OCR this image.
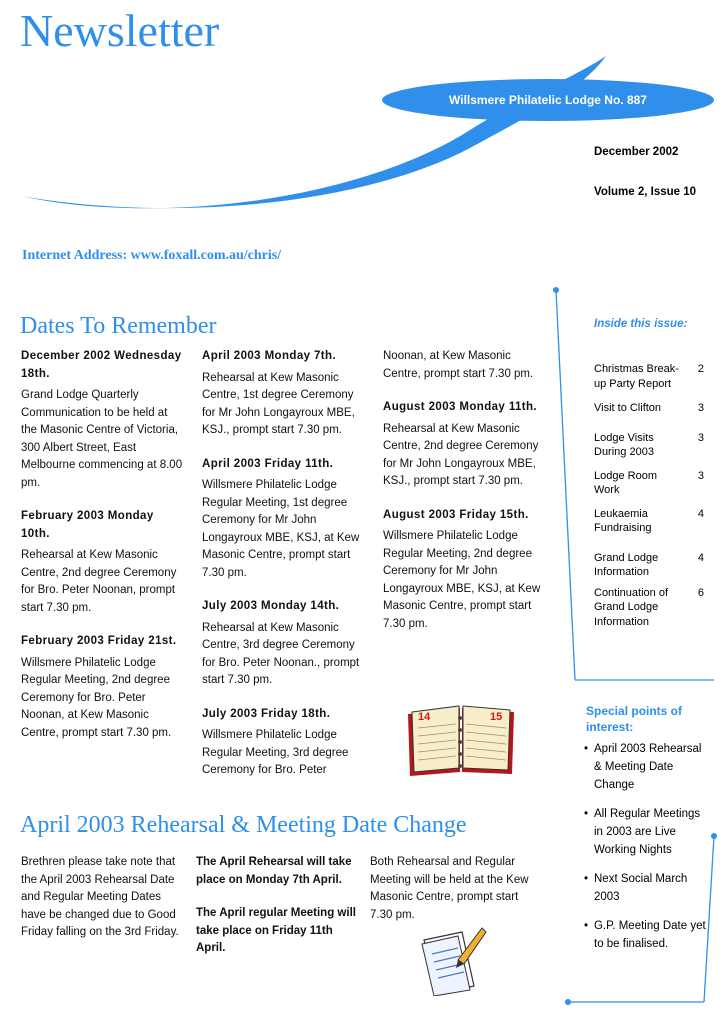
Newsletter
Willsmere Philatelic Lodge No. 887
December 2002
Volume 2, Issue 10
Internet Address: www.foxall.com.au/chris/
Dates To Remember
December 2002 Wednesday 18th.

Grand Lodge Quarterly Communication to be held at the Masonic Centre of Victoria, 300 Albert Street, East Melbourne commencing at 8.00 pm.

February 2003 Monday 10th.

Rehearsal at Kew Masonic Centre, 2nd degree Ceremony for Bro. Peter Noonan, prompt start 7.30 pm.

February 2003 Friday 21st.

Willsmere Philatelic Lodge Regular Meeting, 2nd degree Ceremony for Bro. Peter Noonan, at Kew Masonic Centre, prompt start 7.30 pm.

April 2003 Monday 7th.

Rehearsal at Kew Masonic Centre, 1st degree Ceremony for Mr John Longayroux MBE, KSJ., prompt start 7.30 pm.

April 2003 Friday 11th.

Willsmere Philatelic Lodge Regular Meeting, 1st degree Ceremony for Mr John Longayroux MBE, KSJ, at Kew Masonic Centre, prompt start 7.30 pm.

July 2003 Monday 14th.

Rehearsal at Kew Masonic Centre, 3rd degree Ceremony for Bro. Peter Noonan., prompt start 7.30 pm.

July 2003 Friday 18th.

Willsmere Philatelic Lodge Regular Meeting, 3rd degree Ceremony for Bro. Peter

Noonan, at Kew Masonic Centre, prompt start 7.30 pm.

August 2003 Monday 11th.

Rehearsal at Kew Masonic Centre, 2nd degree Ceremony for Mr John Longayroux MBE, KSJ., prompt start 7.30 pm.

August 2003 Friday 15th.

Willsmere Philatelic Lodge Regular Meeting, 2nd degree Ceremony for Mr John Longayroux MBE, KSJ, at Kew Masonic Centre, prompt start 7.30 pm.

14	15
April 2003 Rehearsal & Meeting Date Change

Brethren please take note that the April 2003 Rehearsal Date and Regular Meeting Dates have be changed due to Good Friday falling on the 3rd Friday.

The April Rehearsal will take place on Monday 7th April.

The April regular Meeting will take place on Friday 11th April.

Both Rehearsal and Regular Meeting will be held at the Kew Masonic Centre, prompt start 7.30 pm.

Inside this issue:
Christmas Break-up Party Report
2
Visit to Clifton	3
Lodge Visits During 2003
3
Lodge Room Work
3
Leukaemia Fundraising
4
Grand Lodge Information
4
Continuation of Grand Lodge Information
6
Special points of interest:
• April 2003 Rehearsal & Meeting Date Change
• All Regular Meetings in 2003 are Live Working Nights
• Next Social March 2003
• G.P. Meeting Date yet to be finalised.
